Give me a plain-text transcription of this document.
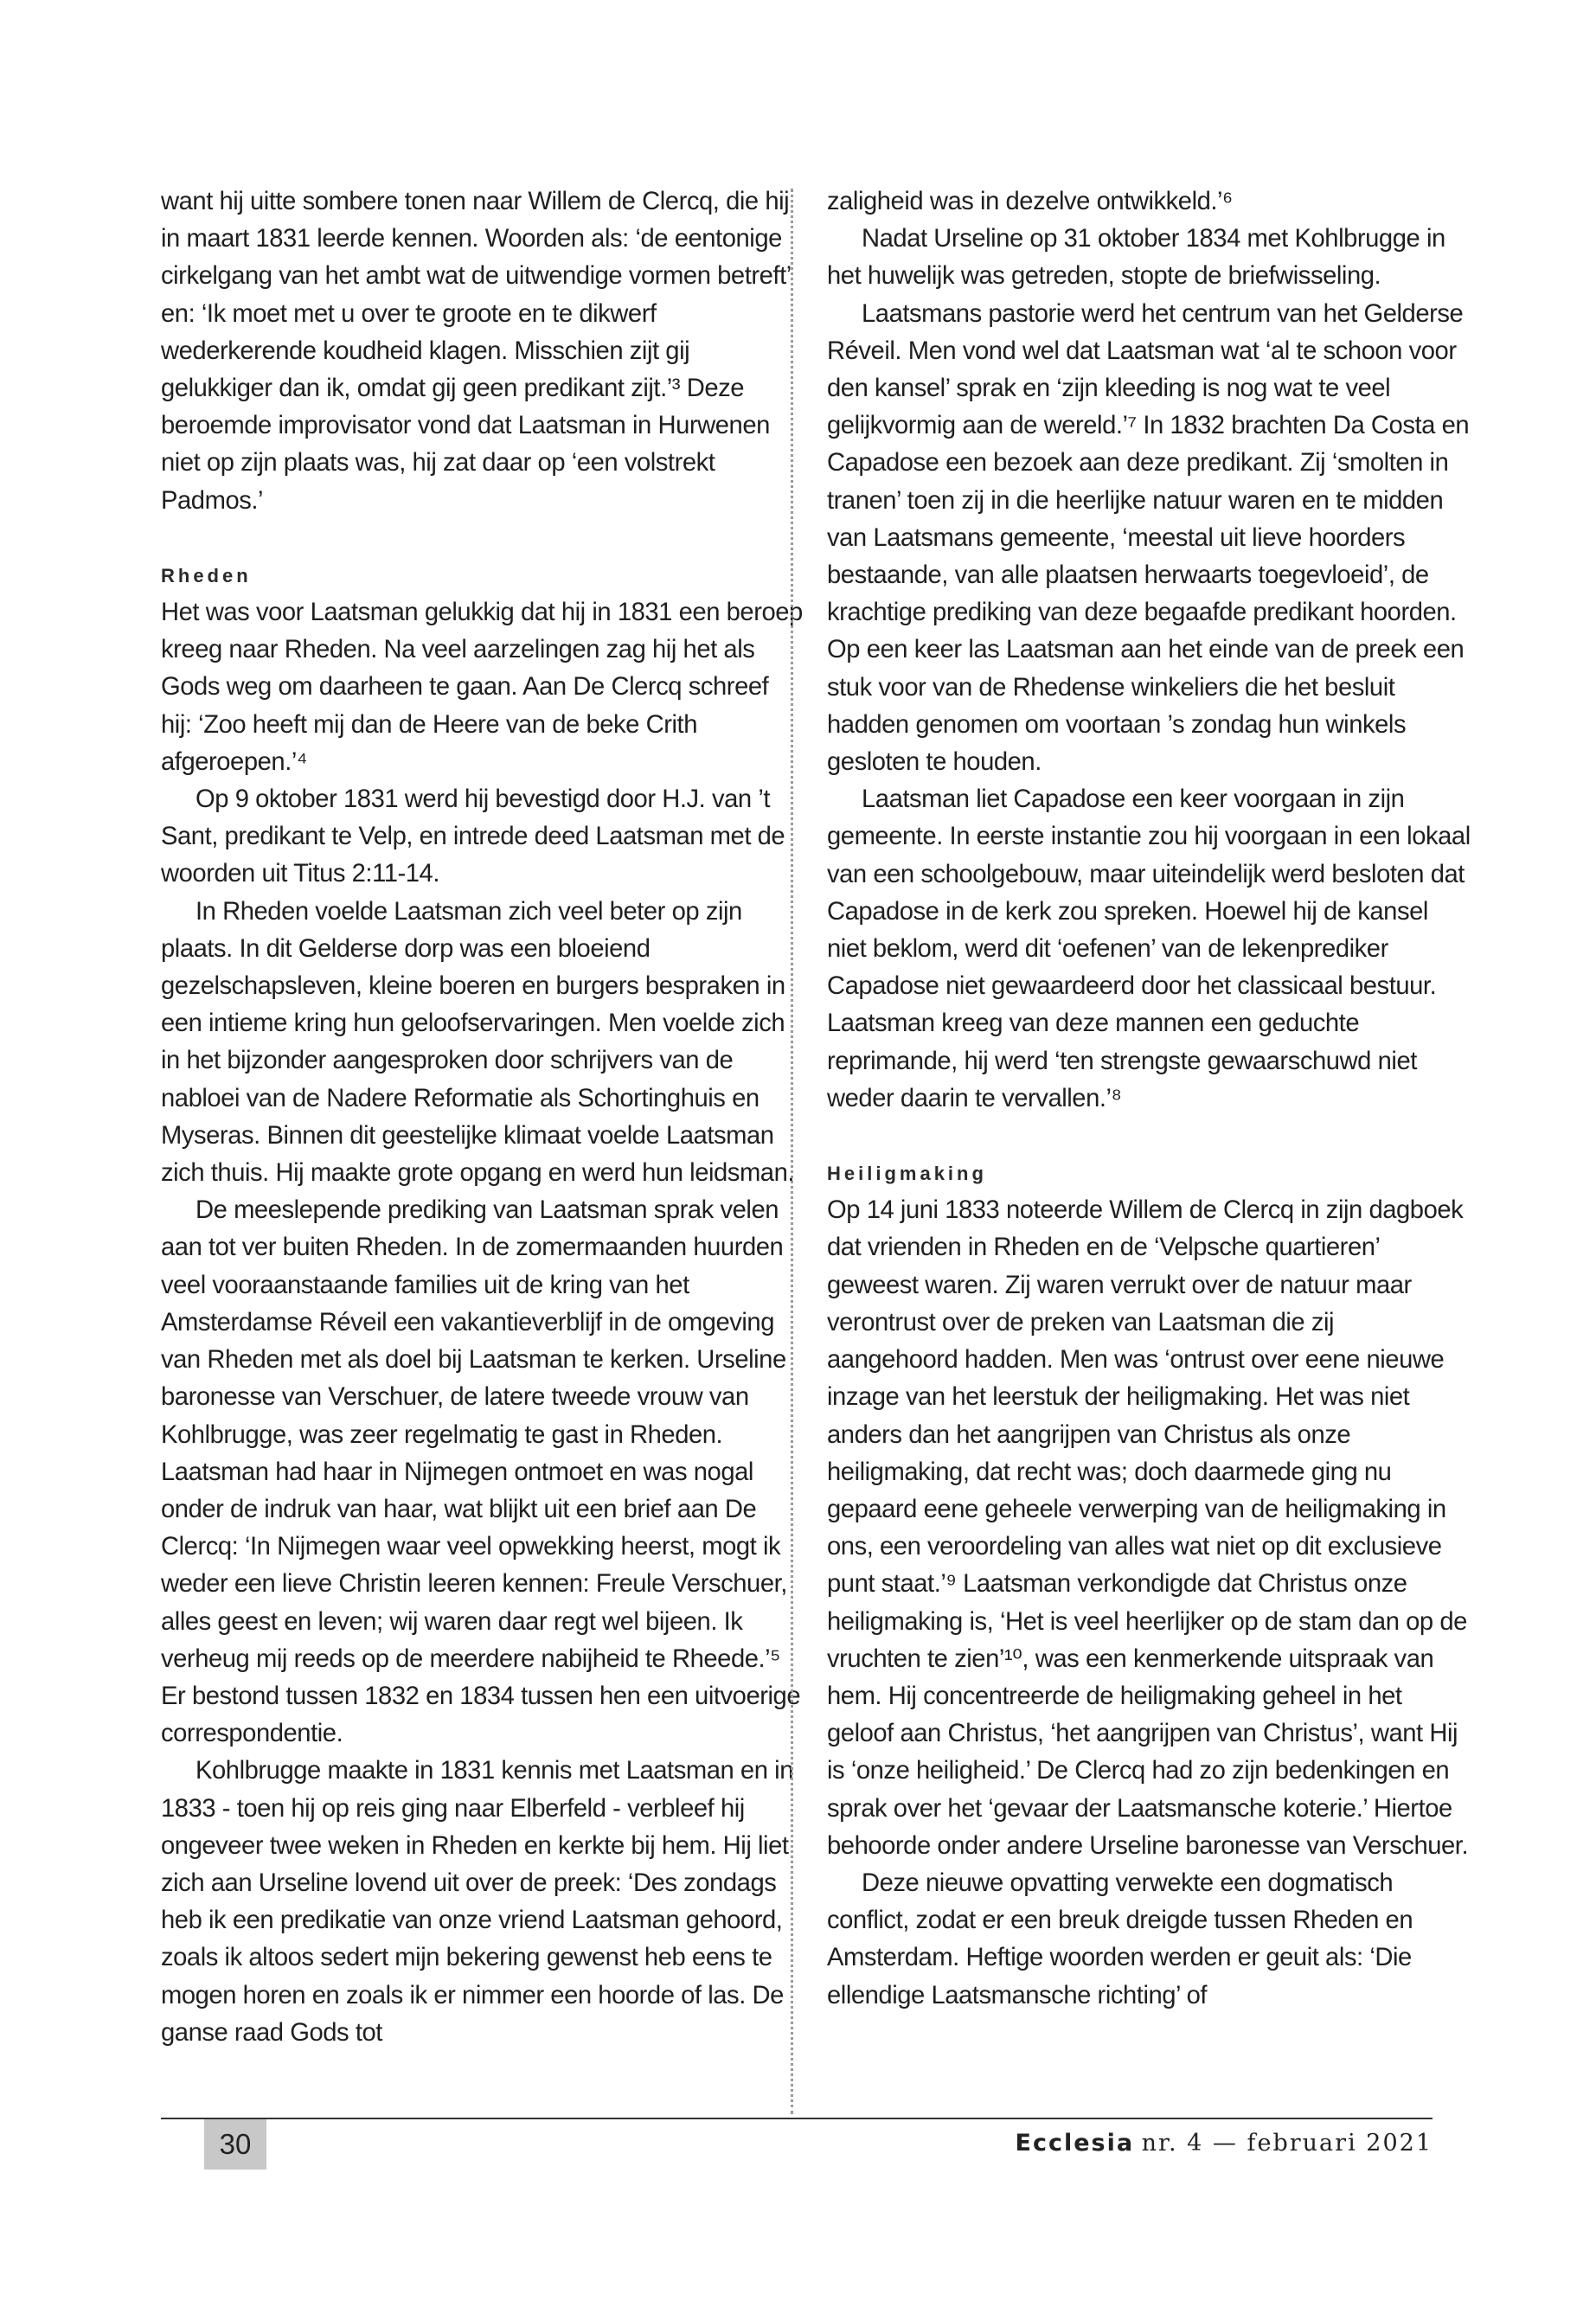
want hij uitte sombere tonen naar Willem de Clercq, die hij in maart 1831 leerde kennen. Woorden als: ‘de eentonige cirkelgang van het ambt wat de uitwendige vormen betreft’ en: ‘Ik moet met u over te groote en te dikwerf wederkerende koudheid klagen. Misschien zijt gij gelukkiger dan ik, omdat gij geen predikant zijt.’³ Deze beroemde improvisator vond dat Laatsman in Hurwenen niet op zijn plaats was, hij zat daar op ‘een volstrekt Padmos.’

Rheden

Het was voor Laatsman gelukkig dat hij in 1831 een beroep kreeg naar Rheden. Na veel aarzelingen zag hij het als Gods weg om daarheen te gaan. Aan De Clercq schreef hij: ‘Zoo heeft mij dan de Heere van de beke Crith afgeroepen.’⁴

Op 9 oktober 1831 werd hij bevestigd door H.J. van ’t Sant, predikant te Velp, en intrede deed Laatsman met de woorden uit Titus 2:11-14.

In Rheden voelde Laatsman zich veel beter op zijn plaats. In dit Gelderse dorp was een bloeiend gezelschapsleven, kleine boeren en burgers bespraken in een intieme kring hun geloofservaringen. Men voelde zich in het bijzonder aangesproken door schrijvers van de nabloei van de Nadere Reformatie als Schortinghuis en Myseras. Binnen dit geestelijke klimaat voelde Laatsman zich thuis. Hij maakte grote opgang en werd hun leidsman.

De meeslepende prediking van Laatsman sprak velen aan tot ver buiten Rheden. In de zomermaanden huurden veel vooraanstaande families uit de kring van het Amsterdamse Réveil een vakantieverblijf in de omgeving van Rheden met als doel bij Laatsman te kerken. Urseline baronesse van Verschuer, de latere tweede vrouw van Kohlbrugge, was zeer regelmatig te gast in Rheden. Laatsman had haar in Nijmegen ontmoet en was nogal onder de indruk van haar, wat blijkt uit een brief aan De Clercq: ‘In Nijmegen waar veel opwekking heerst, mogt ik weder een lieve Christin leeren kennen: Freule Verschuer, alles geest en leven; wij waren daar regt wel bijeen. Ik verheug mij reeds op de meerdere nabijheid te Rheede.’⁵ Er bestond tussen 1832 en 1834 tussen hen een uitvoerige correspondentie.

Kohlbrugge maakte in 1831 kennis met Laatsman en in 1833 - toen hij op reis ging naar Elberfeld - verbleef hij ongeveer twee weken in Rheden en kerkte bij hem. Hij liet zich aan Urseline lovend uit over de preek: ‘Des zondags heb ik een predikatie van onze vriend Laatsman gehoord, zoals ik altoos sedert mijn bekering gewenst heb eens te mogen horen en zoals ik er nimmer een hoorde of las. De ganse raad Gods tot

zaligheid was in dezelve ontwikkeld.’⁶

Nadat Urseline op 31 oktober 1834 met Kohlbrugge in het huwelijk was getreden, stopte de briefwisseling.

Laatsmans pastorie werd het centrum van het Gelderse Réveil. Men vond wel dat Laatsman wat ‘al te schoon voor den kansel’ sprak en ‘zijn kleeding is nog wat te veel gelijkvormig aan de wereld.’⁷ In 1832 brachten Da Costa en Capadose een bezoek aan deze predikant. Zij ‘smolten in tranen’ toen zij in die heerlijke natuur waren en te midden van Laatsmans gemeente, ‘meestal uit lieve hoorders bestaande, van alle plaatsen herwaarts toegevloeid’, de krachtige prediking van deze begaafde predikant hoorden. Op een keer las Laatsman aan het einde van de preek een stuk voor van de Rhedense winkeliers die het besluit hadden genomen om voortaan ’s zondag hun winkels gesloten te houden.

Laatsman liet Capadose een keer voorgaan in zijn gemeente. In eerste instantie zou hij voorgaan in een lokaal van een schoolgebouw, maar uiteindelijk werd besloten dat Capadose in de kerk zou spreken. Hoewel hij de kansel niet beklom, werd dit ‘oefenen’ van de lekenprediker Capadose niet gewaardeerd door het classicaal bestuur. Laatsman kreeg van deze mannen een geduchte reprimande, hij werd ‘ten strengste gewaarschuwd niet weder daarin te vervallen.’⁸

Heiligmaking

Op 14 juni 1833 noteerde Willem de Clercq in zijn dagboek dat vrienden in Rheden en de ‘Velpsche quartieren’ geweest waren. Zij waren verrukt over de natuur maar verontrust over de preken van Laatsman die zij aangehoord hadden. Men was ‘ontrust over eene nieuwe inzage van het leerstuk der heiligmaking. Het was niet anders dan het aangrijpen van Christus als onze heiligmaking, dat recht was; doch daarmede ging nu gepaard eene geheele verwerping van de heiligmaking in ons, een veroordeling van alles wat niet op dit exclusieve punt staat.’⁹ Laatsman verkondigde dat Christus onze heiligmaking is, ‘Het is veel heerlijker op de stam dan op de vruchten te zien’¹⁰, was een kenmerkende uitspraak van hem. Hij concentreerde de heiligmaking geheel in het geloof aan Christus, ‘het aangrijpen van Christus’, want Hij is ‘onze heiligheid.’ De Clercq had zo zijn bedenkingen en sprak over het ‘gevaar der Laatsmansche koterie.’ Hiertoe behoorde onder andere Urseline baronesse van Verschuer.

Deze nieuwe opvatting verwekte een dogmatisch conflict, zodat er een breuk dreigde tussen Rheden en Amsterdam. Heftige woorden werden er geuit als: ‘Die ellendige Laatsmansche richting’ of

30	Ecclesia nr. 4 — februari 2021
